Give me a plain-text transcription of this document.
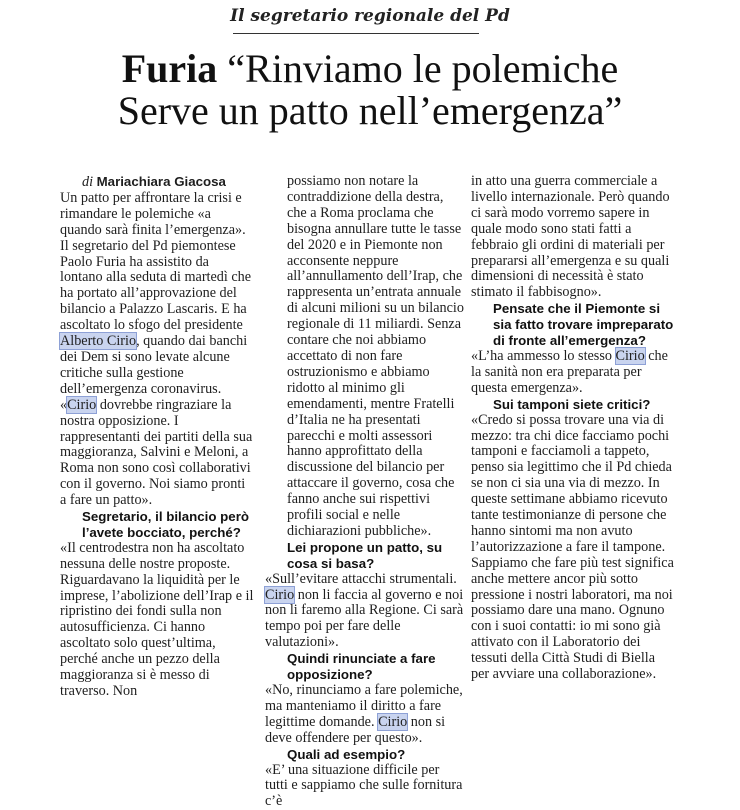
Il segretario regionale del Pd
Furia “Rinviamo le polemiche
Serve un patto nell’emergenza”
di Mariachiara Giacosa

Un patto per affrontare la crisi e rimandare le polemiche «a quando sarà finita l’emergenza». Il segretario del Pd piemontese Paolo Furia ha assistito da lontano alla seduta di martedì che ha portato all’approvazione del bilancio a Palazzo Lascaris. E ha ascoltato lo sfogo del presidente Alberto Cirio, quando dai banchi dei Dem si sono levate alcune critiche sulla gestione dell’emergenza coronavirus. «Cirio dovrebbe ringraziare la nostra opposizione. I rappresentanti dei partiti della sua maggioranza, Salvini e Meloni, a Roma non sono così collaborativi con il governo. Noi siamo pronti a fare un patto».

Segretario, il bilancio però l’avete bocciato, perché?

«Il centrodestra non ha ascoltato nessuna delle nostre proposte. Riguardavano la liquidità per le imprese, l’abolizione dell’Irap e il ripristino dei fondi sulla non autosufficienza. Ci hanno ascoltato solo quest’ultima, perché anche un pezzo della maggioranza si è messo di traverso. Non

possiamo non notare la contraddizione della destra, che a Roma proclama che bisogna annullare tutte le tasse del 2020 e in Piemonte non acconsente neppure all’annullamento dell’Irap, che rappresenta un’entrata annuale di alcuni milioni su un bilancio regionale di 11 miliardi. Senza contare che noi abbiamo accettato di non fare ostruzionismo e abbiamo ridotto al minimo gli emendamenti, mentre Fratelli d’Italia ne ha presentati parecchi e molti assessori hanno approfittato della discussione del bilancio per attaccare il governo, cosa che fanno anche sui rispettivi profili social e nelle dichiarazioni pubbliche».

Lei propone un patto, su cosa si basa?

«Sull’evitare attacchi strumentali. Cirio non li faccia al governo e noi non li faremo alla Regione. Ci sarà tempo poi per fare delle valutazioni».

Quindi rinunciate a fare opposizione?

«No, rinunciamo a fare polemiche, ma manteniamo il diritto a fare legittime domande. Cirio non si deve offendere per questo».

Quali ad esempio?

«E’ una situazione difficile per tutti e sappiamo che sulle fornitura c’è

in atto una guerra commerciale a livello internazionale. Però quando ci sarà modo vorremo sapere in quale modo sono stati fatti a febbraio gli ordini di materiali per prepararsi all’emergenza e su quali dimensioni di necessità è stato stimato il fabbisogno».

Pensate che il Piemonte si sia fatto trovare impreparato di fronte all’emergenza?

«L’ha ammesso lo stesso Cirio che la sanità non era preparata per questa emergenza».

Sui tamponi siete critici?

«Credo si possa trovare una via di mezzo: tra chi dice facciamo pochi tamponi e facciamoli a tappeto, penso sia legittimo che il Pd chieda se non ci sia una via di mezzo. In queste settimane abbiamo ricevuto tante testimonianze di persone che hanno sintomi ma non avuto l’autorizzazione a fare il tampone. Sappiamo che fare più test significa anche mettere ancor più sotto pressione i nostri laboratori, ma noi possiamo dare una mano. Ognuno con i suoi contatti: io mi sono già attivato con il Laboratorio dei tessuti della Città Studi di Biella per avviare una collaborazione».
